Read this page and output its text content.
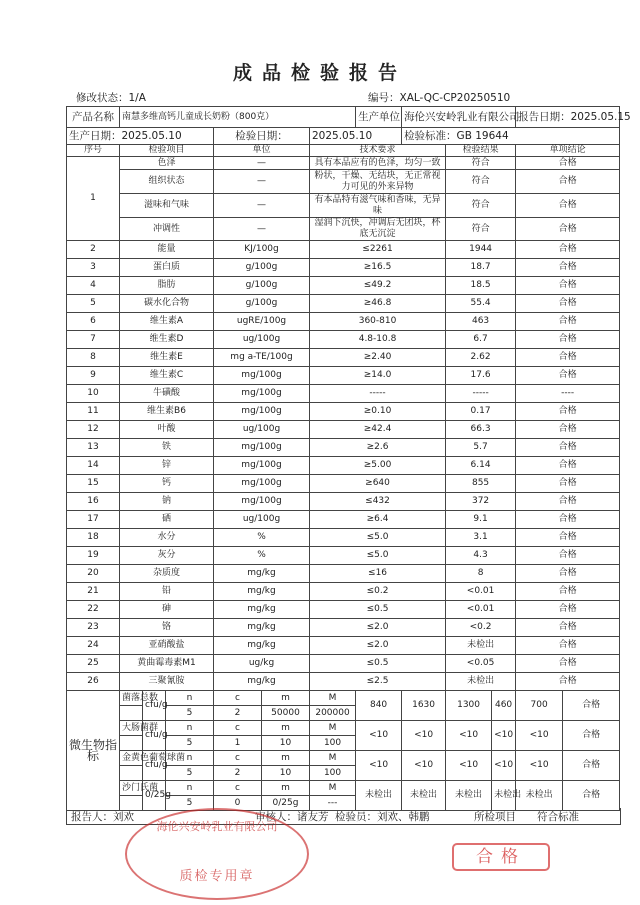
成品检验报告
修改状态：1/A	编号：XAL-QC-CP20250510
产品名称	南慧多维高钙儿童成长奶粉（800克）						生产单位	海伦兴安岭乳业有限公司			报告日期：2025.05.15	
生产日期：2025.05.10				检验日期：		2025.05.10		检验标准：GB 19644				
序号	检验项目			单位		技术要求			检验结果		单项结论	
1	色泽			—		具有本品应有的色泽，均匀一致			符合		合格	
	组织状态			—		粉状，干燥、无结块，无正常视力可见的外来异物			符合		合格	
	滋味和气味			—		有本品特有滋气味和香味，无异味			符合		合格	
	冲调性			—		湿润下沉快，冲调后无团块，杯底无沉淀			符合		合格	
2	能量			KJ/100g		≤2261			1944		合格	
3	蛋白质			g/100g		≥16.5			18.7		合格	
4	脂肪			g/100g		≤49.2			18.5		合格	
5	碳水化合物			g/100g		≥46.8			55.4		合格	
6	维生素A			ugRE/100g		360-810			463		合格	
7	维生素D			ug/100g		4.8-10.8			6.7		合格	
8	维生素E			mg a-TE/100g		≥2.40			2.62		合格	
9	维生素C			mg/100g		≥14.0			17.6		合格	
10	牛磺酸			mg/100g		-----			-----		----	
11	维生素B6			mg/100g		≥0.10			0.17		合格	
12	叶酸			ug/100g		≥42.4			66.3		合格	
13	铁			mg/100g		≥2.6			5.7		合格	
14	锌			mg/100g		≥5.00			6.14		合格	
15	钙			mg/100g		≥640			855		合格	
16	钠			mg/100g		≤432			372		合格	
17	硒			ug/100g		≥6.4			9.1		合格	
18	水分			%		≤5.0			3.1		合格	
19	灰分			%		≤5.0			4.3		合格	
20	杂质度			mg/kg		≤16			8		合格	
21	铅			mg/kg		≤0.2			<0.01		合格	
22	砷			mg/kg		≤0.5			<0.01		合格	
23	铬			mg/kg		≤2.0			<0.2		合格	
24	亚硝酸盐			mg/kg		≤2.0			未检出		合格	
25	黄曲霉毒素M1			ug/kg		≤0.5			<0.05		合格	
26	三聚氰胺			mg/kg		≤2.5			未检出		合格	
微生物指标	菌落总数	cfu/g	n	c	m	M	840	1630	1300	460	700	合格
			5	2	50000	200000						
	大肠菌群	cfu/g	n	c	m	M	<10	<10	<10	<10	<10	合格
			5	1	10	100						
	金黄色葡萄球菌	cfu/g	n	c	m	M	<10	<10	<10	<10	<10	合格
			5	2	10	100						
	沙门氏菌	0/25g	n	c	m	M	未检出	未检出	未检出	未检出	未检出	合格
			5	0	0/25g	---						
报告人：刘欢	审核人：诸友芳 检验员：刘欢、韩鹏	所检项目 符合标准
海伦兴安岭乳业有限公司
质检专用章
合格
